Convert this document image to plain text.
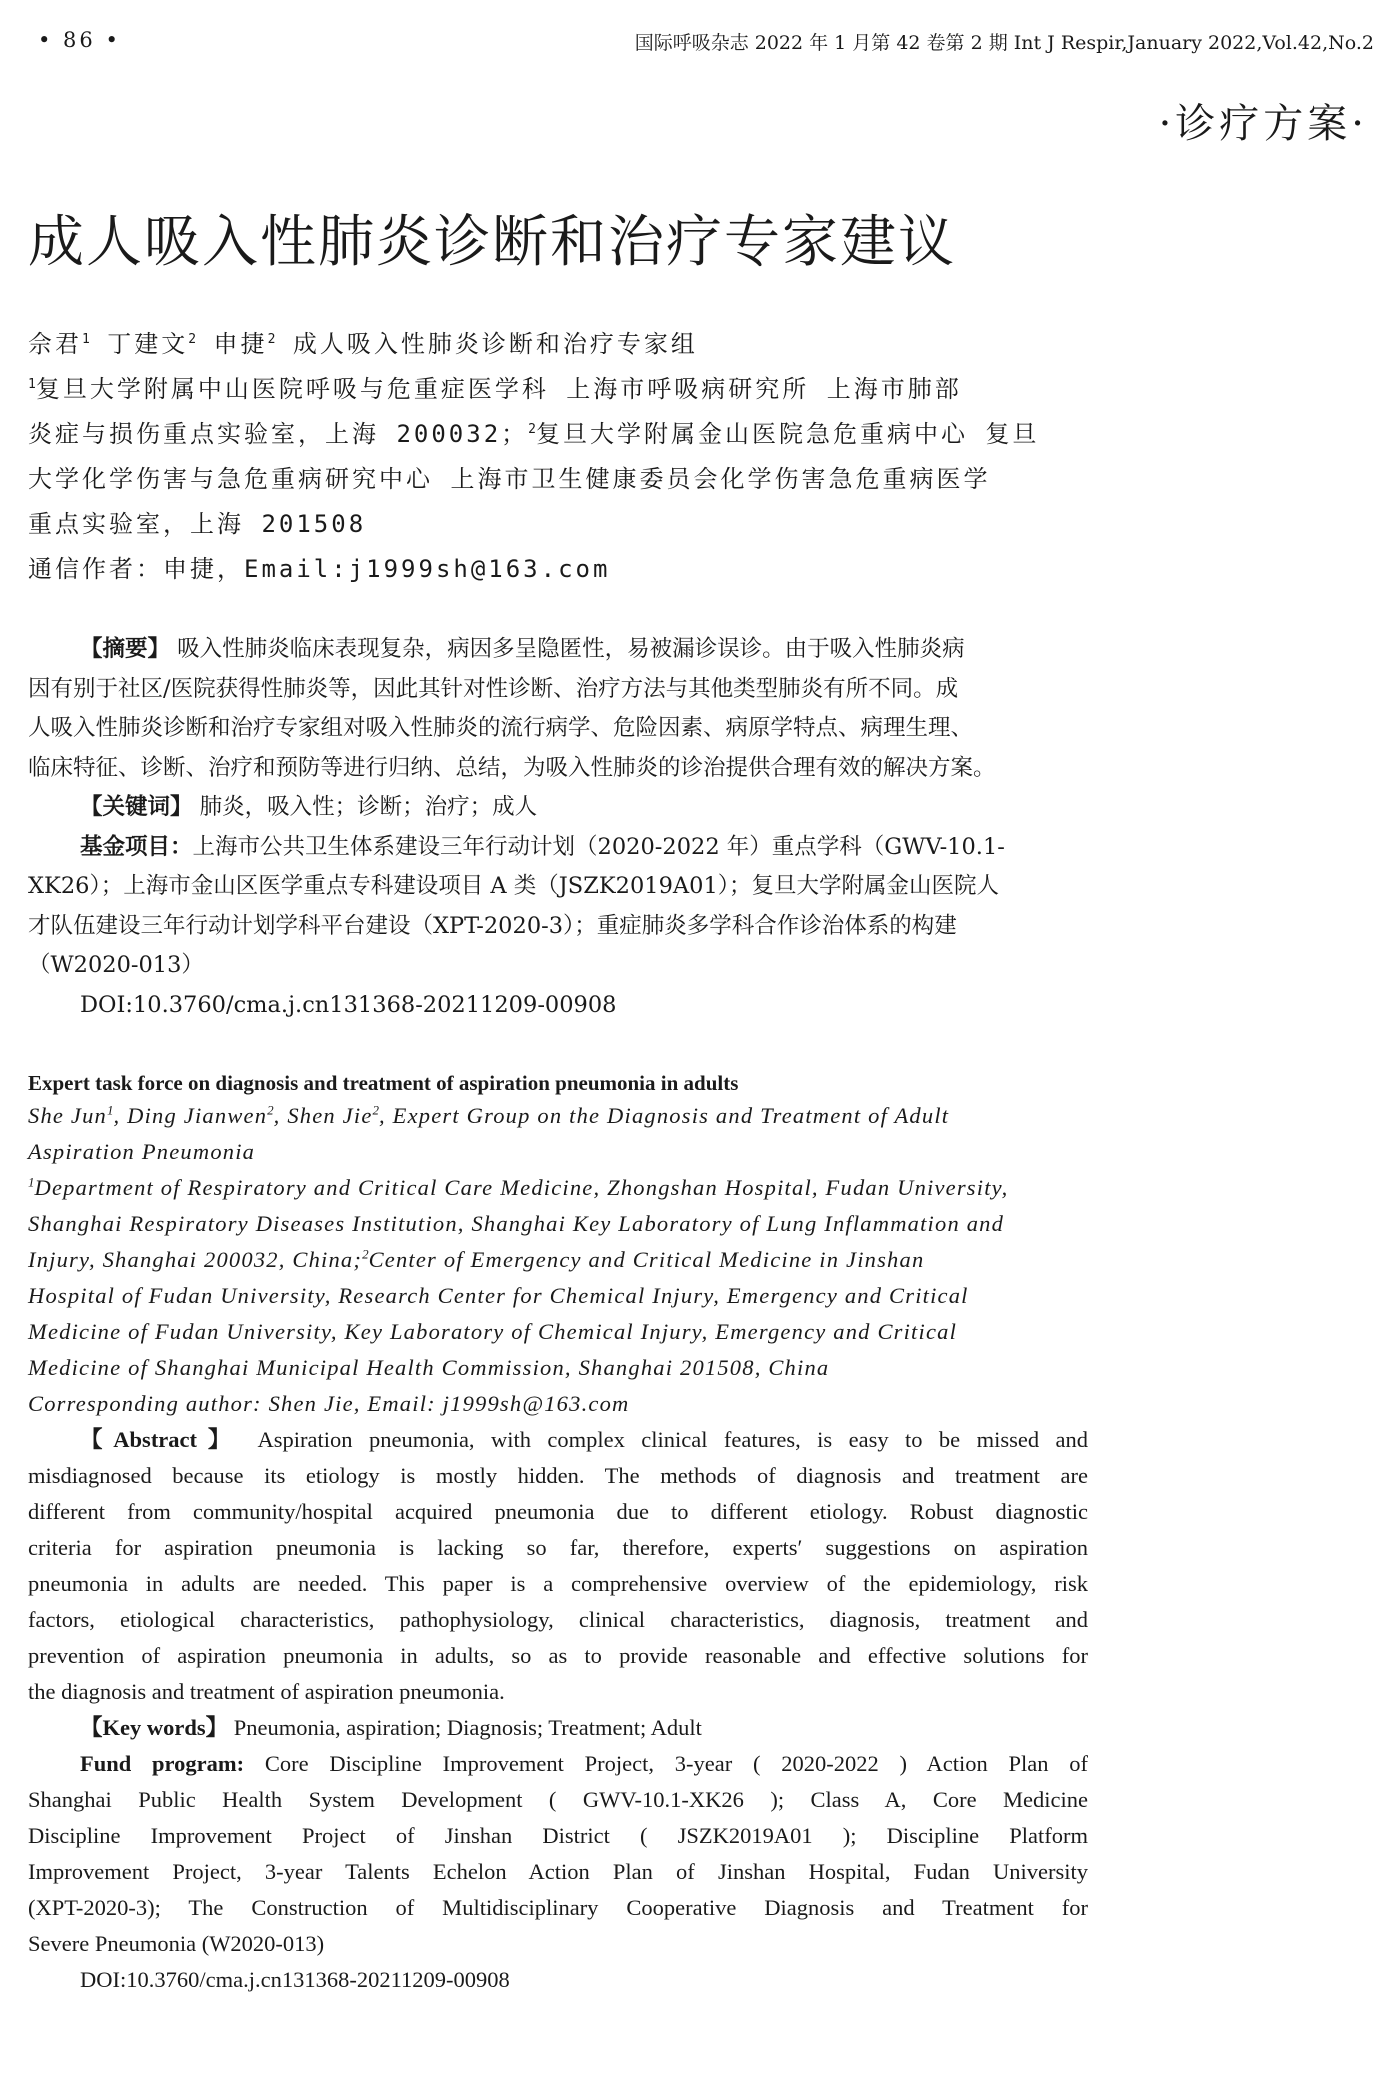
• 86 •	国际呼吸杂志 2022 年 1 月第 42 卷第 2 期 Int J Respir,January 2022,Vol.42,No.2
·诊疗方案·
成人吸入性肺炎诊断和治疗专家建议
佘君$^1$ 丁建文$^2$ 申捷$^2$ 成人吸入性肺炎诊断和治疗专家组
$^1$复旦大学附属中山医院呼吸与危重症医学科 上海市呼吸病研究所 上海市肺部
炎症与损伤重点实验室，上海 200032；$^2$复旦大学附属金山医院急危重病中心 复旦
大学化学伤害与急危重病研究中心 上海市卫生健康委员会化学伤害急危重病医学
重点实验室，上海 201508
通信作者：申捷，Email:j1999sh@163.com
【摘要】 吸入性肺炎临床表现复杂，病因多呈隐匿性，易被漏诊误诊。由于吸入性肺炎病
因有别于社区/医院获得性肺炎等，因此其针对性诊断、治疗方法与其他类型肺炎有所不同。成
人吸入性肺炎诊断和治疗专家组对吸入性肺炎的流行病学、危险因素、病原学特点、病理生理、
临床特征、诊断、治疗和预防等进行归纳、总结，为吸入性肺炎的诊治提供合理有效的解决方案。
【关键词】 肺炎，吸入性；诊断；治疗；成人
基金项目：上海市公共卫生体系建设三年行动计划（2020-2022 年）重点学科（GWV-10.1-
XK26）；上海市金山区医学重点专科建设项目 A 类（JSZK2019A01）；复旦大学附属金山医院人
才队伍建设三年行动计划学科平台建设（XPT-2020-3）；重症肺炎多学科合作诊治体系的构建
（W2020-013）
DOI:10.3760/cma.j.cn131368-20211209-00908
Expert task force on diagnosis and treatment of aspiration pneumonia in adults
She Jun$^1$, Ding Jianwen$^2$, Shen Jie$^2$, Expert Group on the Diagnosis and Treatment of Adult
Aspiration Pneumonia
$^1$Department of Respiratory and Critical Care Medicine, Zhongshan Hospital, Fudan University,
Shanghai Respiratory Diseases Institution, Shanghai Key Laboratory of Lung Inflammation and
Injury, Shanghai 200032, China;$^2$Center of Emergency and Critical Medicine in Jinshan
Hospital of Fudan University, Research Center for Chemical Injury, Emergency and Critical
Medicine of Fudan University, Key Laboratory of Chemical Injury, Emergency and Critical
Medicine of Shanghai Municipal Health Commission, Shanghai 201508, China
Corresponding author: Shen Jie, Email: j1999sh@163.com
【Abstract】 Aspiration pneumonia, with complex clinical features, is easy to be missed and
misdiagnosed because its etiology is mostly hidden. The methods of diagnosis and treatment are
different from community/hospital acquired pneumonia due to different etiology. Robust diagnostic
criteria for aspiration pneumonia is lacking so far, therefore, experts′ suggestions on aspiration
pneumonia in adults are needed. This paper is a comprehensive overview of the epidemiology, risk
factors, etiological characteristics, pathophysiology, clinical characteristics, diagnosis, treatment and
prevention of aspiration pneumonia in adults, so as to provide reasonable and effective solutions for
the diagnosis and treatment of aspiration pneumonia.
【Key words】 Pneumonia, aspiration; Diagnosis; Treatment; Adult
Fund program: Core Discipline Improvement Project, 3-year ( 2020-2022 ) Action Plan of
Shanghai Public Health System Development ( GWV-10.1-XK26 ); Class A, Core Medicine
Discipline Improvement Project of Jinshan District ( JSZK2019A01 ); Discipline Platform
Improvement Project, 3-year Talents Echelon Action Plan of Jinshan Hospital, Fudan University
(XPT-2020-3); The Construction of Multidisciplinary Cooperative Diagnosis and Treatment for
Severe Pneumonia (W2020-013)
DOI:10.3760/cma.j.cn131368-20211209-00908
